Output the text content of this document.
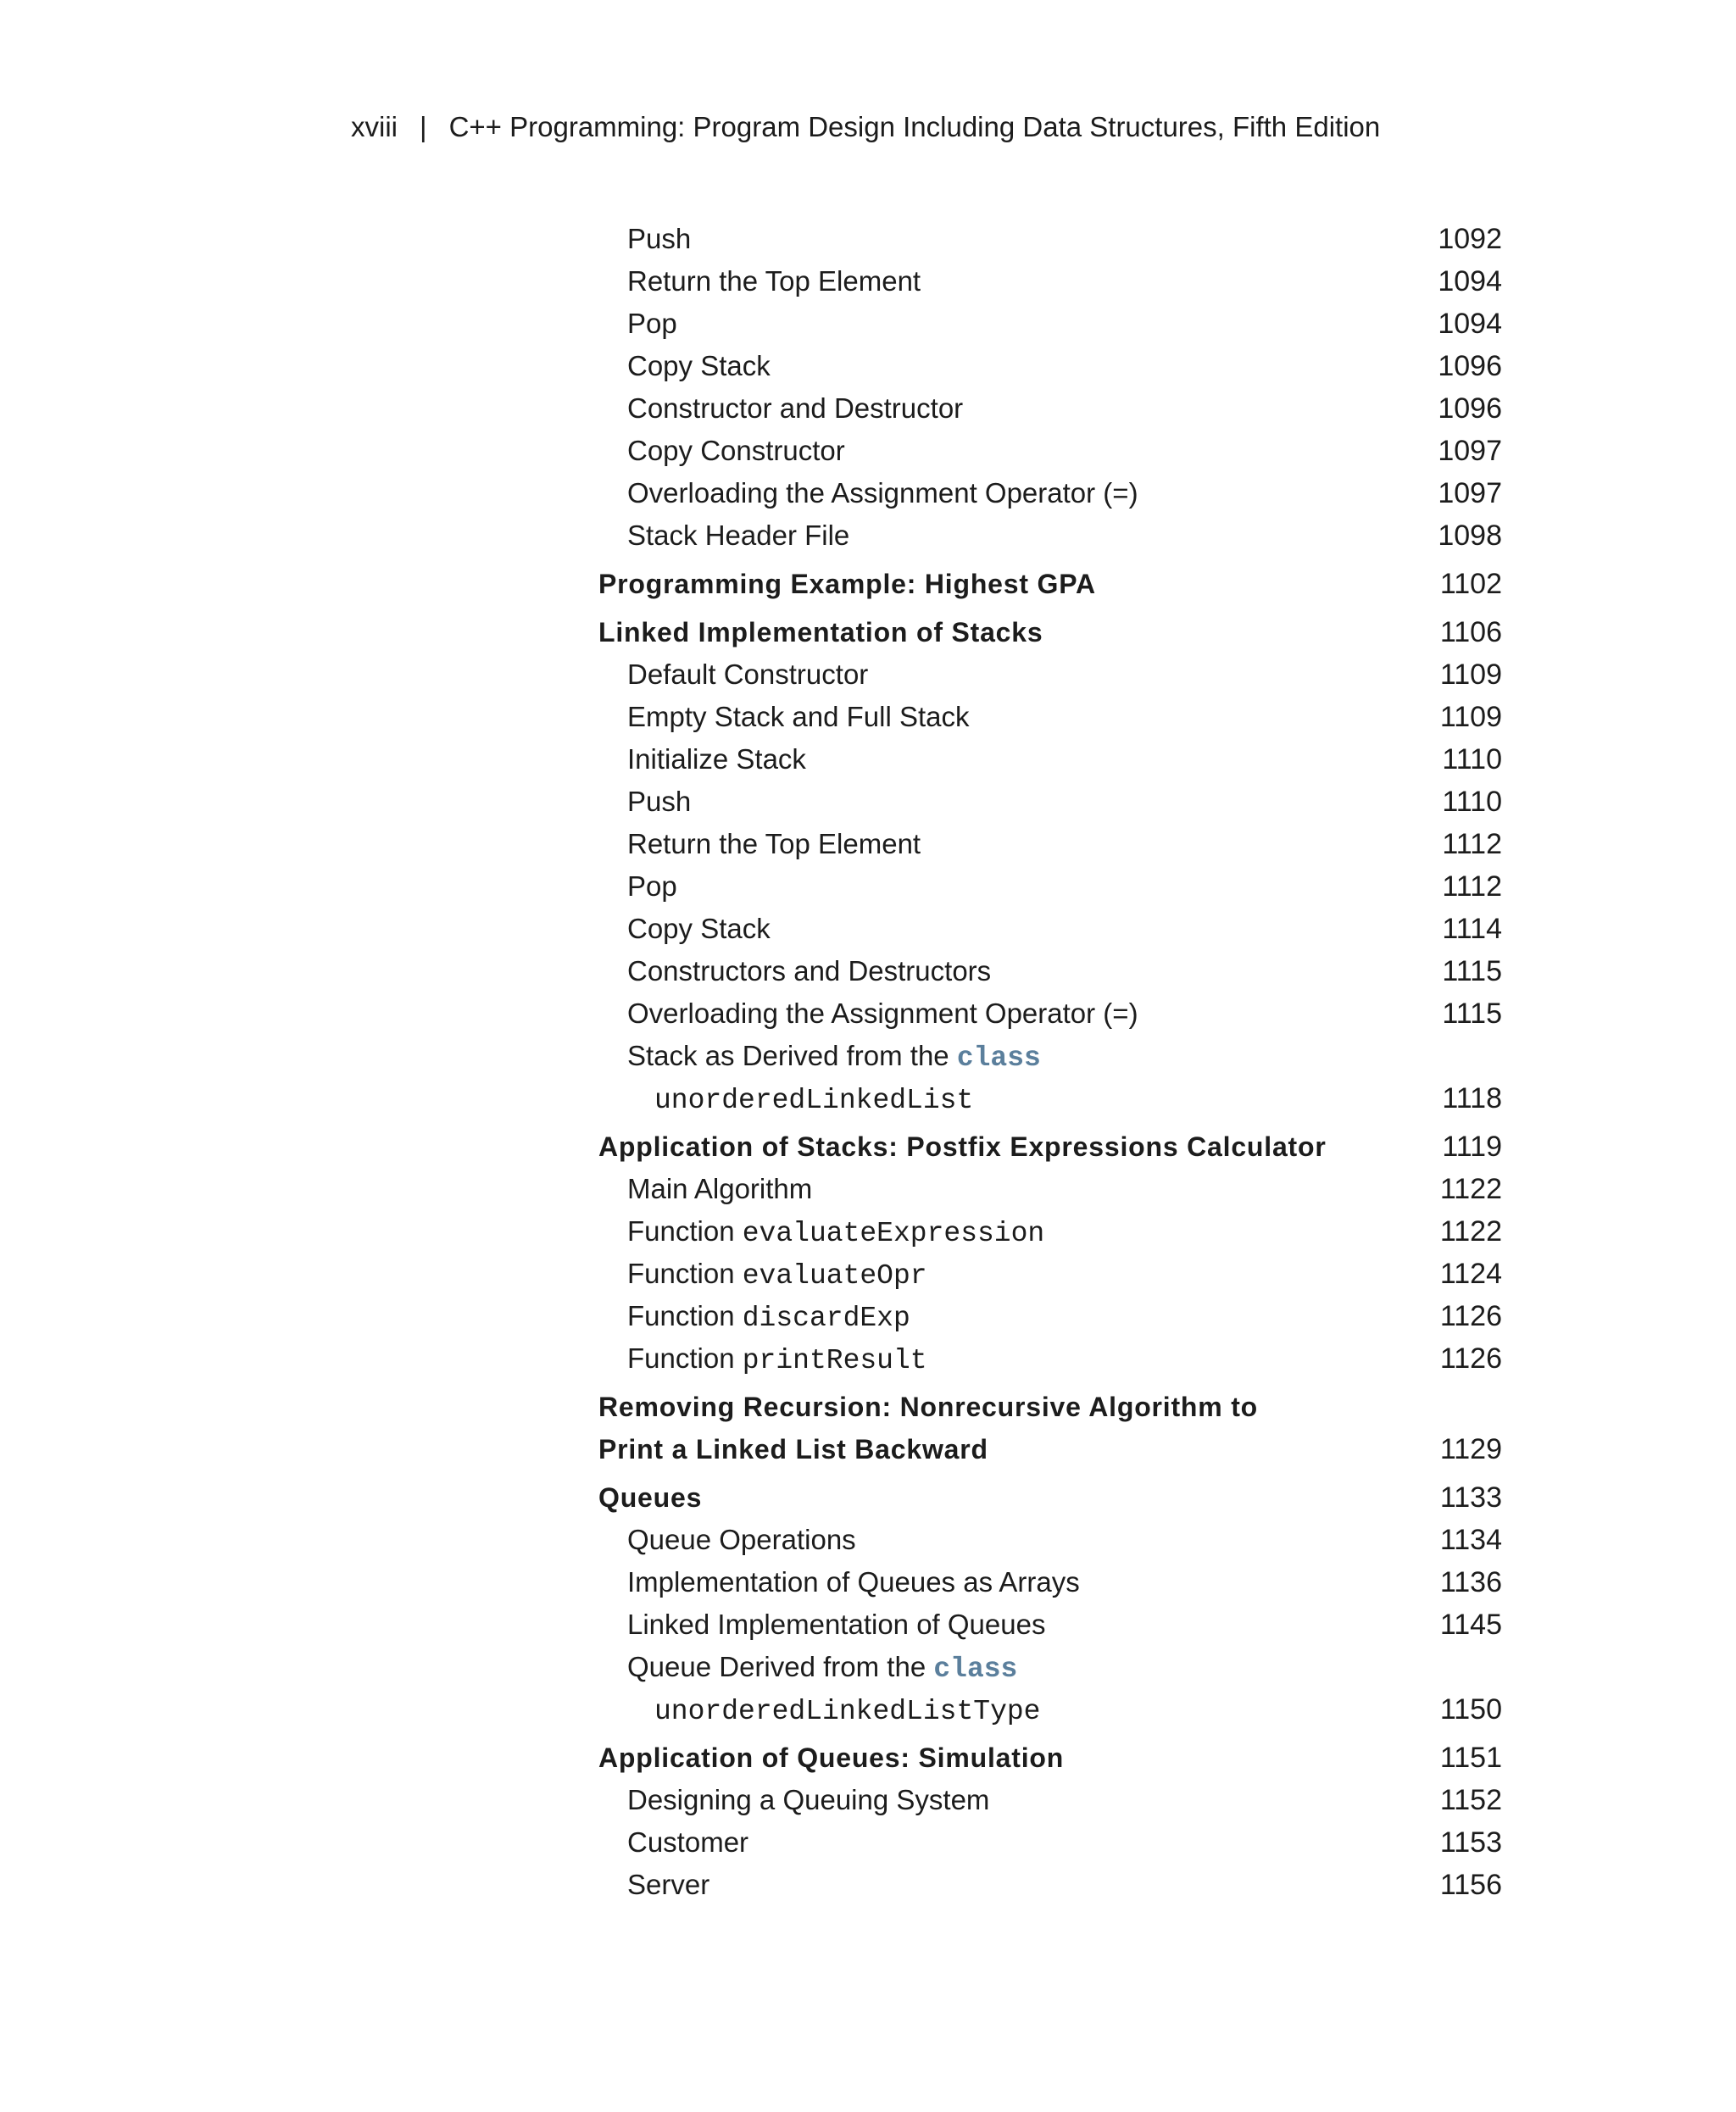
xviii | C++ Programming: Program Design Including Data Structures, Fifth Edition
Push	1092
Return the Top Element	1094
Pop	1094
Copy Stack	1096
Constructor and Destructor	1096
Copy Constructor	1097
Overloading the Assignment Operator (=)	1097
Stack Header File	1098
Programming Example: Highest GPA	1102
Linked Implementation of Stacks	1106
Default Constructor	1109
Empty Stack and Full Stack	1109
Initialize Stack	1110
Push	1110
Return the Top Element	1112
Pop	1112
Copy Stack	1114
Constructors and Destructors	1115
Overloading the Assignment Operator (=)	1115
Stack as Derived from the class
unorderedLinkedList	1118
Application of Stacks: Postfix Expressions Calculator	1119
Main Algorithm	1122
Function evaluateExpression	1122
Function evaluateOpr	1124
Function discardExp	1126
Function printResult	1126
Removing Recursion: Nonrecursive Algorithm to
Print a Linked List Backward	1129
Queues	1133
Queue Operations	1134
Implementation of Queues as Arrays	1136
Linked Implementation of Queues	1145
Queue Derived from the class
unorderedLinkedListType	1150
Application of Queues: Simulation	1151
Designing a Queuing System	1152
Customer	1153
Server	1156
